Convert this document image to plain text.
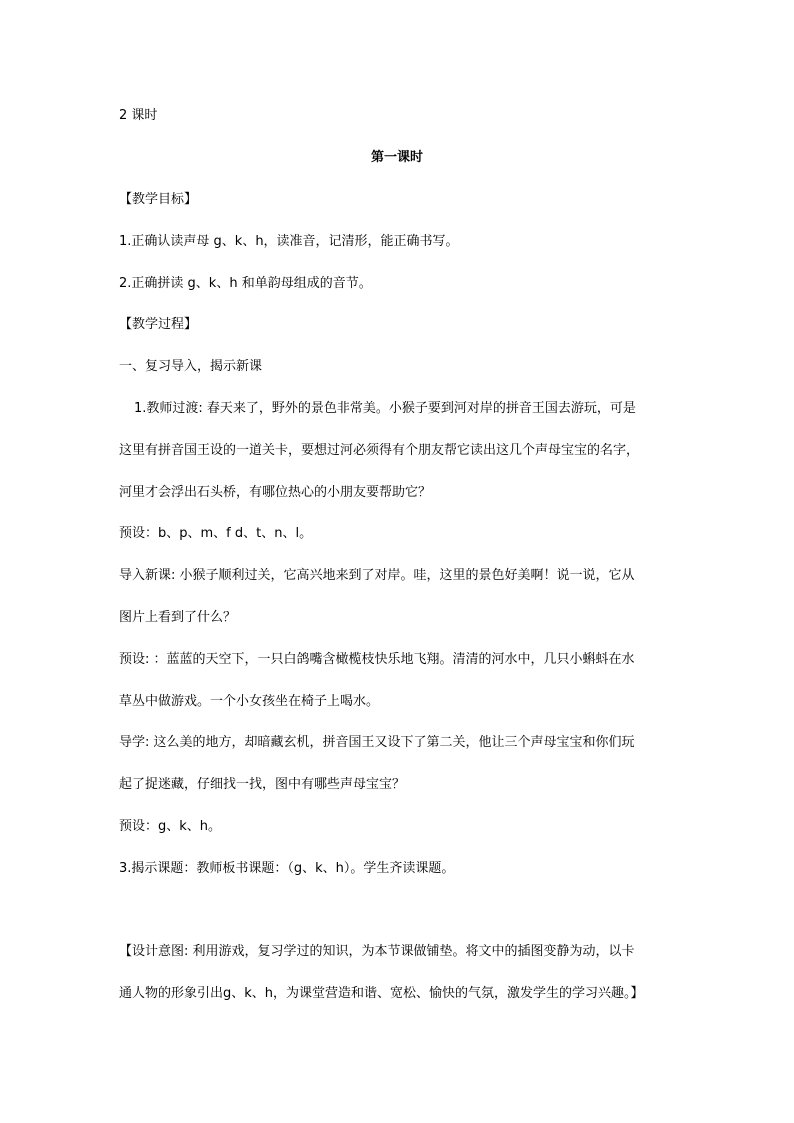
2 课时
第一课时
【教学目标】
1.正确认读声母 g、k、h，读准音，记清形，能正确书写。
2.正确拼读 g、k、h 和单韵母组成的音节。
【教学过程】
一、复习导入，揭示新课
1.教师过渡: 春天来了，野外的景色非常美。小猴子要到河对岸的拼音王国去游玩，可是
这里有拼音国王设的一道关卡，要想过河必须得有个朋友帮它读出这几个声母宝宝的名字，
河里才会浮出石头桥，有哪位热心的小朋友要帮助它？
预设：b、p、m、f d、t、n、l。
导入新课: 小猴子顺利过关，它高兴地来到了对岸。哇，这里的景色好美啊！说一说，它从
图片上看到了什么？
预设: ：蓝蓝的天空下，一只白鸽嘴含橄榄枝快乐地飞翔。清清的河水中，几只小蝌蚪在水
草丛中做游戏。一个小女孩坐在椅子上喝水。
导学: 这么美的地方，却暗藏玄机，拼音国王又设下了第二关，他让三个声母宝宝和你们玩
起了捉迷藏，仔细找一找，图中有哪些声母宝宝？
预设：g、k、h。
3.揭示课题：教师板书课题：（g、k、h）。学生齐读课题。
【设计意图: 利用游戏，复习学过的知识，为本节课做铺垫。将文中的插图变静为动，以卡
通人物的形象引出g、k、h，为课堂营造和谐、宽松、愉快的气氛，激发学生的学习兴趣。】
